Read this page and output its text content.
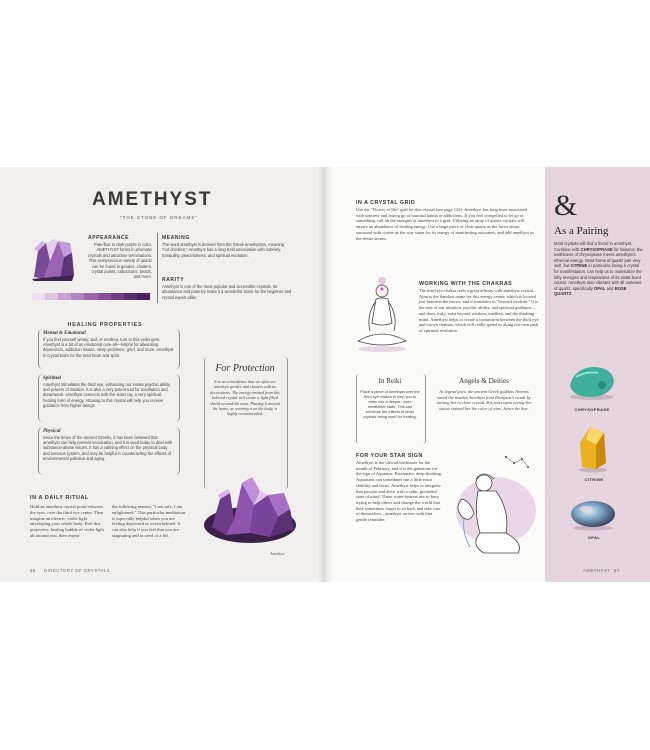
AMETHYST
"THE STONE OF DREAMS"
APPEARANCE
Pale lilac to dark purple in color, AMETHYST forms in prismatic crystals and attractive terminations. This semiprecious variety of quartz can be found in geodes, clusters, crystal points, cabochons, beads, and more.
MEANING
The word amethyst is derived from the Greek amethystos, meaning "not drunken." Amethyst has a long-held association with sobriety, tranquility, peacefulness, and spiritual evolution.
RARITY
Amethyst is one of the most popular and accessible crystals. Its abundance and potency make it a wonderful stone for the beginner and crystal expert alike.
HEALING PROPERTIES
Mental & Emotional
If you find yourself weary, sad, or restless, turn to this violet gem. Amethyst is a bit of an emotional cure-all—helpful for alleviating depression, addiction issues, sleep problems, grief, and more. Amethyst is crystal balm for the tired heart and spirit.
Spiritual
Amethyst stimulates the third eye, enhancing our innate psychic ability and powers of intuition. It is also a very potent tool for meditation and dreamwork. Amethyst connects with the violet ray, a very spiritual, healing form of energy. Attuning to this crystal will help you receive guidance from higher beings.
Physical
Since the times of the ancient Greeks, it has been believed that amethyst can help prevent intoxication, and it is used today to deal with substance-abuse issues. It has a calming effect on the physical body and nervous system, and may be helpful in counteracting the effects of environmental pollution and aging.
For Protection
It is no coincidence that we often see amethyst geodes and clusters sold as decorations. The energy emitted from this beloved crystal will create a light-filled shield around the aura. Placing it around the home, or wearing it on the body, is highly recommended.
IN A DAILY RITUAL
Hold an amethyst crystal point between the eyes, over the third eye center. Then imagine an electric, violet light enveloping your whole body. Feel this protective, healing bubble of violet light all around you, then repeat
the following mantra: "I am safe, I am enlightened." This particular meditation is especially helpful when you are feeling depressed or overwhelmed. It can also help if you feel that you are stagnating and in need of a lift.
Amethyst
66 DIRECTORY OF CRYSTALS
IN A CRYSTAL GRID
Use the "Flower of life" grid for this crystal (see page 122). Amethyst has long been associated with sobriety and letting go of harmful habits or addictions. If you feel compelled to let go of something, call on the energies of amethyst in a grid. Utilizing an array of quartz crystals will ensure an abundance of healing energy. Use a large piece of clear quartz as the focus stone, surround with citrine as the way stone for its energy of manifesting outcomes, and add amethyst as the desire stones.
WORKING WITH THE CHAKRAS
The third eye chakra feels a great affinity with amethyst crystal. Ajna is the Sanskrit name for this energy center, which is located just between the brows, and it translates to "beyond wisdom." It is the seat of our intuition, psychic ability, and spiritual guidance—and does, truly, exist beyond wisdom, intellect, and the thinking mind. Amethyst helps to create a connection between the third eye and crown chakras, which will really speed us along our own path of spiritual evolution.
In Reiki
Place a piece of amethyst over the third eye chakra to help you to relax into a deeper, more meditative state. This can enhance the effects of other crystals being used for healing.
Angels & Deities
As legend goes, the ancient Greek goddess Artemis saved the maiden Amethyst from Dionysus's wrath by turning her to clear crystal. His tears upon seeing her statue stained her the color of wine, hence the hue.
FOR YOUR STAR SIGN
Amethyst is the official birthstone for the month of February, and it is the gemstone for the sign of Aquarius. Passionate, deep-thinking Aquarians can sometimes use a little extra stability and focus. Amethyst helps to integrate that passion and drive with a calm, grounded state of mind. These water-bearers are so busy trying to help others and change the world that they sometimes forget to sit back and take care of themselves—amethyst arrives with that gentle reminder.
&
As a Pairing
Most crystals will find a friend in amethyst. Combine with CHRYSOPRASE for balance; the earthiness of chrysoprase meets amethyst's ethereal energy. Most forms of quartz pair very well, but CITRINE in particular, being a crystal for manifestation, can help us to materialize the lofty energies and inspirations of its violet-hued cousin. Amethyst also vibrates with all varieties of quartz, specifically OPAL and ROSE QUARTZ.
CHRYSOPRASE
CITRINE
OPAL
AMETHYST 67
